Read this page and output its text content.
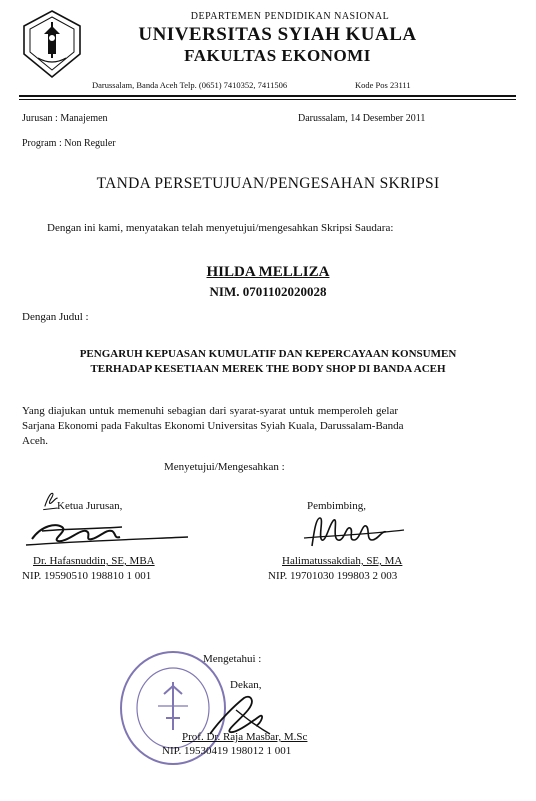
DEPARTEMEN PENDIDIKAN NASIONAL
UNIVERSITAS SYIAH KUALA
FAKULTAS EKONOMI
Darussalam, Banda Aceh Telp. (0651) 7410352, 7411506	Kode Pos 23111
Jurusan : Manajemen	Darussalam, 14 Desember 2011
Program : Non Reguler
TANDA PERSETUJUAN/PENGESAHAN SKRIPSI
Dengan ini kami, menyatakan telah menyetujui/mengesahkan Skripsi Saudara:
HILDA MELLIZA
NIM. 0701102020028
Dengan Judul :
PENGARUH KEPUASAN KUMULATIF DAN KEPERCAYAAN KONSUMEN
TERHADAP KESETIAAN MEREK THE BODY SHOP DI BANDA ACEH
Yang diajukan untuk memenuhi sebagian dari syarat-syarat untuk memperoleh gelar
Sarjana Ekonomi pada Fakultas Ekonomi Universitas Syiah Kuala, Darussalam-Banda
Aceh.
Menyetujui/Mengesahkan :
Ketua Jurusan,
Dr. Hafasnuddin, SE, MBA
NIP. 19590510 198810 1 001
Pembimbing,
Halimatussakdiah, SE, MA
NIP. 19701030 199803 2 003
Mengetahui :
Dekan,
Prof. Dr. Raja Masbar, M.Sc
NIP. 19530419 198012 1 001
